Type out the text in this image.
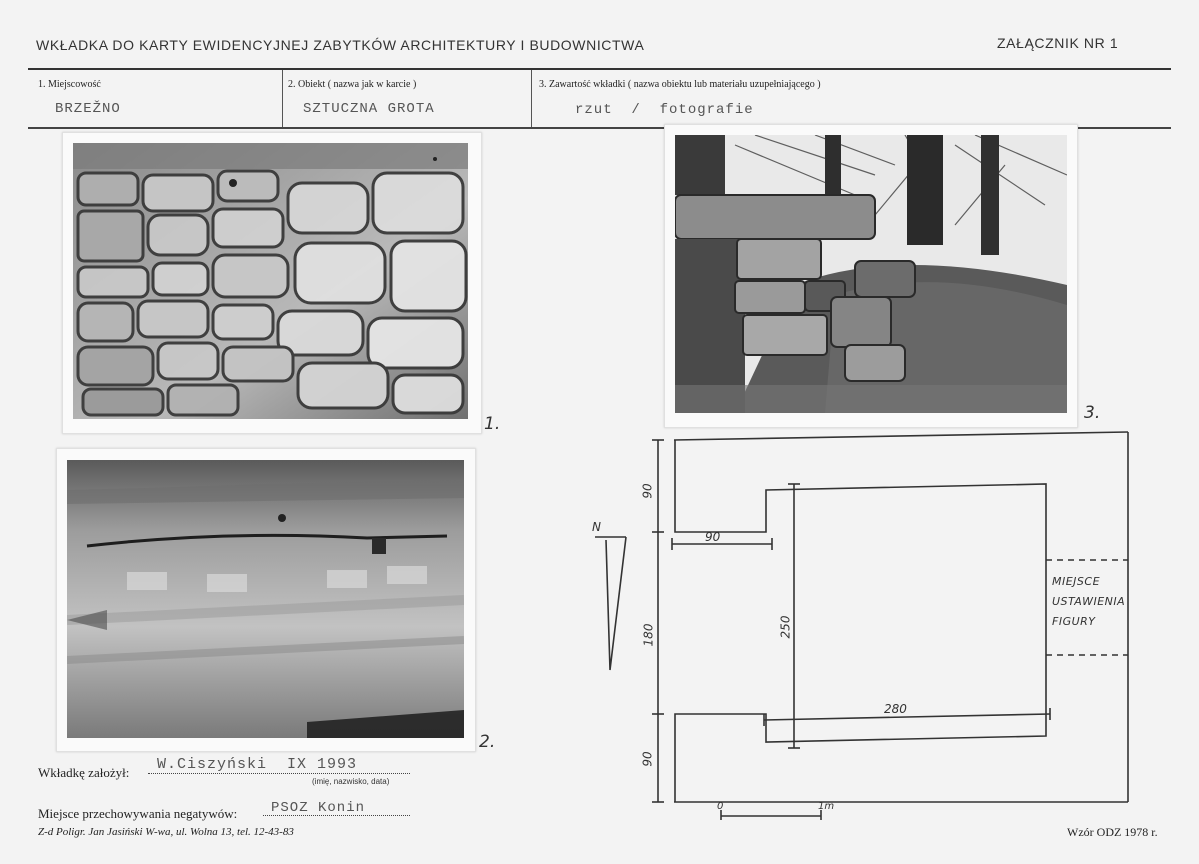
WKŁADKA DO KARTY EWIDENCYJNEJ ZABYTKÓW ARCHITEKTURY I BUDOWNICTWA	ZAŁĄCZNIK NR 1
1. Miejscowość
BRZEŽNO
2. Obiekt ( nazwa jak w karcie )
SZTUCZNA GROTA
3. Zawartość wkładki ( nazwa obiektu lub materiału uzupełniającego )
rzut  /  fotografie
1.
2.
3.
N
90
90
180	250
280
90
MIEJSCE
USTAWIENIA
FIGURY
0	1m
Wkładkę założył: W.Ciszyński  IX 1993
(imię, nazwisko, data)
Miejsce przechowywania negatywów: PSOZ Konin
Z-d Poligr. Jan Jasiński W-wa, ul. Wolna 13, tel. 12-43-83	Wzór ODZ 1978 r.
